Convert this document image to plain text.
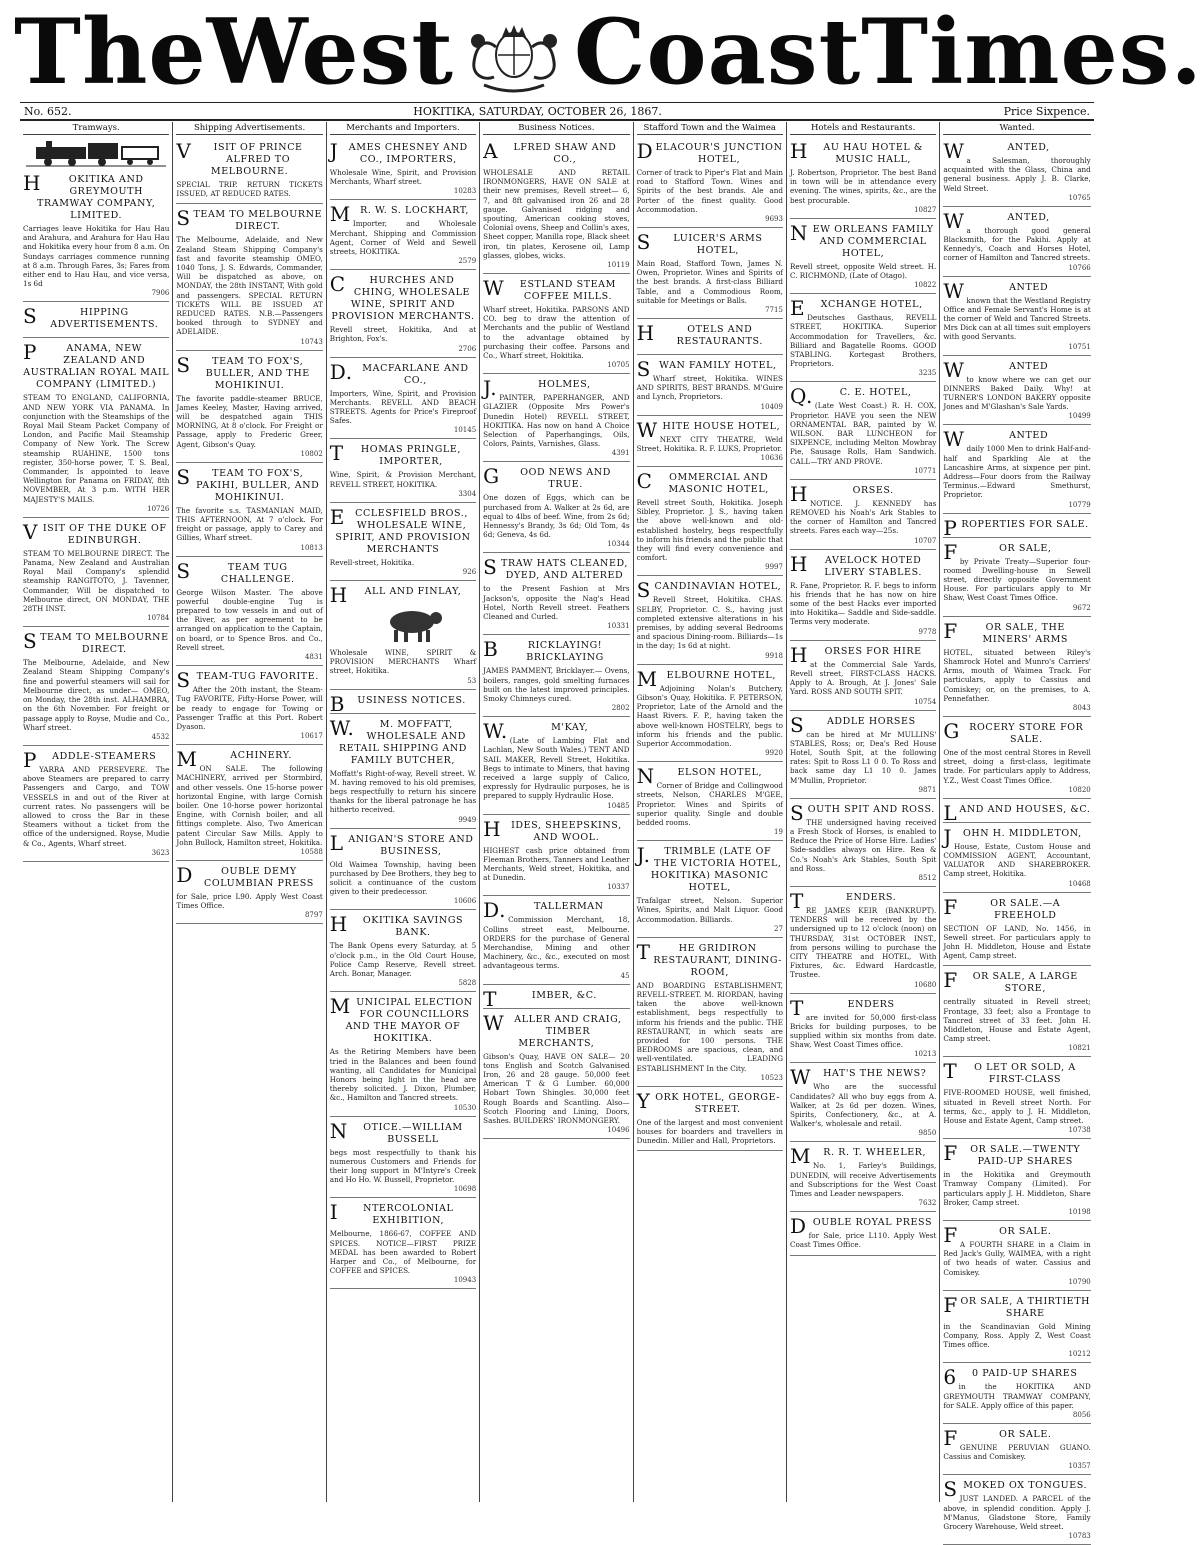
The West Coast Times.
No. 652.	HOKITIKA, SATURDAY, OCTOBER 26, 1867.	Price Sixpence.
Tramways.
HOKITIKA AND GREYMOUTH TRAMWAY COMPANY, LIMITED.
Carriages leave Hokitika for Hau Hau and Arahura, and Arahura for Hau Hau and Hokitika every hour from 8 a.m. On Sundays carriages commence running at 8 a.m. Through Fares, 3s; Fares from either end to Hau Hau, and vice versa, 1s 6d
7906
SHIPPING ADVERTISEMENTS.
PANAMA, NEW ZEALAND AND AUSTRALIAN ROYAL MAIL COMPANY (LIMITED.)
STEAM TO ENGLAND, CALIFORNIA, AND NEW YORK VIA PANAMA. In conjunction with the Steamships of the Royal Mail Steam Packet Company of London, and Pacific Mail Steamship Company of New York. The Screw steamship RUAHINE, 1500 tons register, 350-horse power, T. S. Beal, Commander, Is appointed to leave Wellington for Panama on FRIDAY, 8th NOVEMBER, At 3 p.m. WITH HER MAJESTY'S MAILS.
10726
VISIT OF THE DUKE OF EDINBURGH.
STEAM TO MELBOURNE DIRECT. The Panama, New Zealand and Australian Royal Mail Company's splendid steamship RANGITOTO, J. Tavenner, Commander, Will be dispatched to Melbourne direct, ON MONDAY, THE 28TH INST.
10784
STEAM TO MELBOURNE DIRECT.
The Melbourne, Adelaide, and New Zealand Steam Shipping Company's fine and powerful steamers will sail for Melbourne direct, as under— OMEO, on Monday, the 28th inst. ALHAMBRA, on the 6th November. For freight or passage apply to Royse, Mudie and Co., Wharf street.
4532
PADDLE-STEAMERS
YARRA AND PERSEVERE. The above Steamers are prepared to carry Passengers and Cargo, and TOW VESSELS in and out of the River at current rates. No passengers will be allowed to cross the Bar in these Steamers without a ticket from the office of the undersigned. Royse, Mudie & Co., Agents, Wharf street.
3623
Shipping Advertisements.
VISIT OF PRINCE ALFRED TO MELBOURNE.
SPECIAL TRIP. RETURN TICKETS ISSUED, AT REDUCED RATES.
STEAM TO MELBOURNE DIRECT.
The Melbourne, Adelaide, and New Zealand Steam Shipping Company's fast and favorite steamship OMEO, 1040 Tons, J. S. Edwards, Commander, Will be dispatched as above, on MONDAY, the 28th INSTANT, With gold and passengers. SPECIAL RETURN TICKETS WILL BE ISSUED AT REDUCED RATES. N.B.—Passengers booked through to SYDNEY and ADELAIDE.
10743
STEAM TO FOX'S, BULLER, AND THE MOHIKINUI.
The favorite paddle-steamer BRUCE, James Keeley, Master, Having arrived, will be despatched again THIS MORNING, At 8 o'clock. For Freight or Passage, apply to Frederic Greer, Agent, Gibson's Quay.
10802
STEAM TO FOX'S, PAKIHI, BULLER, AND MOHIKINUI.
The favorite s.s. TASMANIAN MAID, THIS AFTERNOON, At 7 o'clock. For freight or passage, apply to Carey and Gillies, Wharf street.
10813
STEAM TUG CHALLENGE.
George Wilson Master. The above powerful double-engine Tug is prepared to tow vessels in and out of the River, as per agreement to be arranged on application to the Captain, on board, or to Spence Bros. and Co., Revell street.
4831
STEAM-TUG FAVORITE.
After the 20th instant, the Steam-Tug FAVORITE, Fifty-Horse Power, will be ready to engage for Towing or Passenger Traffic at this Port. Robert Dyason.
10617
MACHINERY.
ON SALE. The following MACHINERY, arrived per Stormbird, and other vessels. One 15-horse power horizontal Engine, with large Cornish boiler. One 10-horse power horizontal Engine, with Cornish boiler, and all fittings complete. Also, Two American patent Circular Saw Mills. Apply to John Bullock, Hamilton street, Hokitika.
10588
DOUBLE DEMY COLUMBIAN PRESS
for Sale, price L90. Apply West Coast Times Office.
8797
Merchants and Importers.
JAMES CHESNEY AND CO., IMPORTERS,
Wholesale Wine, Spirit, and Provision Merchants, Wharf street.
10283
MR. W. S. LOCKHART,
Importer, and Wholesale Merchant, Shipping and Commission Agent, Corner of Weld and Sewell streets, HOKITIKA.
2579
CHURCHES AND CHING, WHOLESALE WINE, SPIRIT AND PROVISION MERCHANTS.
Revell street, Hokitika, And at Brighton, Fox's.
2706
D.MACFARLANE AND CO.,
Importers, Wine, Spirit, and Provision Merchants. REVELL AND BEACH STREETS. Agents for Price's Fireproof Safes.
10145
THOMAS PRINGLE, IMPORTER,
Wine, Spirit, & Provision Merchant, REVELL STREET, HOKITIKA.
3304
ECCLESFIELD BROS., WHOLESALE WINE, SPIRIT, AND PROVISION MERCHANTS
Revell-street, Hokitika.
926
HALL AND FINLAY,
Wholesale WINE, SPIRIT & PROVISION MERCHANTS Wharf street, Hokitika.
53
BUSINESS NOTICES.
W.M. MOFFATT, WHOLESALE AND RETAIL SHIPPING AND FAMILY BUTCHER,
Moffatt's Right-of-way, Revell street. W. M. having removed to his old premises, begs respectfully to return his sincere thanks for the liberal patronage he has hitherto received.
9949
LANIGAN'S STORE AND BUSINESS,
Old Waimea Township, having been purchased by Dee Brothers, they beg to solicit a continuance of the custom given to their predecessor.
10606
HOKITIKA SAVINGS BANK.
The Bank Opens every Saturday, at 5 o'clock p.m., in the Old Court House, Police Camp Reserve, Revell street. Arch. Bonar, Manager.
5828
MUNICIPAL ELECTION FOR COUNCILLORS AND THE MAYOR OF HOKITIKA.
As the Retiring Members have been tried in the Balances and been found wanting, all Candidates for Municipal Honors being light in the head are thereby solicited. J. Dixon, Plumber, &c., Hamilton and Tancred streets.
10530
NOTICE.—WILLIAM BUSSELL
begs most respectfully to thank his numerous Customers and Friends for their long support in M'Intyre's Creek and Ho Ho. W. Bussell, Proprietor.
10698
INTERCOLONIAL EXHIBITION,
Melbourne, 1866-67, COFFEE AND SPICES. NOTICE—FIRST PRIZE MEDAL has been awarded to Robert Harper and Co., of Melbourne, for COFFEE and SPICES.
10943
Business Notices.
ALFRED SHAW AND CO.,
WHOLESALE AND RETAIL IRONMONGERS, HAVE ON SALE at their new premises, Revell street— 6, 7, and 8ft galvanised iron 26 and 28 gauge. Galvanised ridging and spouting, American cooking stoves, Colonial ovens, Sheep and Collin's axes, Sheet copper, Manilla rope, Black sheet iron, tin plates, Kerosene oil, Lamp glasses, globes, wicks.
10119
WESTLAND STEAM COFFEE MILLS.
Wharf street, Hokitika. PARSONS AND CO. beg to draw the attention of Merchants and the public of Westland to the advantage obtained by purchasing their coffee. Parsons and Co., Wharf street, Hokitika.
10705
J.HOLMES,
PAINTER, PAPERHANGER, AND GLAZIER (Opposite Mrs Power's Dunedin Hotel) REVELL STREET, HOKITIKA. Has now on hand A Choice Selection of Paperhangings, Oils, Colors, Paints, Varnishes, Glass.
4391
GOOD NEWS AND TRUE.
One dozen of Eggs, which can be purchased from A. Walker at 2s 6d, are equal to 4lbs of beef. Wine, from 2s 6d; Hennessy's Brandy, 3s 6d; Old Tom, 4s 6d; Geneva, 4s 6d.
10344
STRAW HATS CLEANED, DYED, AND ALTERED
to the Present Fashion at Mrs Jackson's, opposite the Nag's Head Hotel, North Revell street. Feathers Cleaned and Curled.
10331
BRICKLAYING! BRICKLAYING
JAMES PAMMENT, Bricklayer.— Ovens, boilers, ranges, gold smelting furnaces built on the latest improved principles. Smoky Chimneys cured.
2802
W.M'KAY,
(Late of Lambing Flat and Lachlan, New South Wales.) TENT AND SAIL MAKER, Revell Street, Hokitika. Begs to intimate to Miners, that having received a large supply of Calico, expressly for Hydraulic purposes, he is prepared to supply Hydraulic Hose.
10485
HIDES, SHEEPSKINS, AND WOOL.
HIGHEST cash price obtained from Fleeman Brothers, Tanners and Leather Merchants, Weld street, Hokitika, and at Dunedin.
10337
D.TALLERMAN
Commission Merchant, 18, Collins street east, Melbourne. ORDERS for the purchase of General Merchandise, Mining and other Machinery, &c., &c., executed on most advantageous terms.
45
TIMBER, &C.
WALLER AND CRAIG, TIMBER MERCHANTS,
Gibson's Quay, HAVE ON SALE— 20 tons English and Scotch Galvanised Iron, 26 and 28 gauge. 50,000 feet American T & G Lumber. 60,000 Hobart Town Shingles. 30,000 feet Rough Boards and Scantling. Also— Scotch Flooring and Lining, Doors, Sashes. BUILDERS' IRONMONGERY.
10496
Stafford Town and the Waimea
DELACOUR'S JUNCTION HOTEL,
Corner of track to Piper's Flat and Main road to Stafford Town. Wines and Spirits of the best brands. Ale and Porter of the finest quality. Good Accommodation.
9693
SLUICER'S ARMS HOTEL,
Main Road, Stafford Town, James N. Owen, Proprietor. Wines and Spirits of the best brands. A first-class Billiard Table, and a Commodious Room, suitable for Meetings or Balls.
7715
HOTELS AND RESTAURANTS.
SWAN FAMILY HOTEL,
Wharf street, Hokitika. WINES AND SPIRITS, BEST BRANDS. M'Guire and Lynch, Proprietors.
10409
WHITE HOUSE HOTEL,
NEXT CITY THEATRE, Weld Street, Hokitika. R. F. LUKS, Proprietor.
10636
COMMERCIAL AND MASONIC HOTEL,
Revell street South, Hokitika. Joseph Sibley, Proprietor. J. S., having taken the above well-known and old-established hostelry, begs respectfully to inform his friends and the public that they will find every convenience and comfort.
9997
SCANDINAVIAN HOTEL,
Revell Street, Hokitika. CHAS. SELBY, Proprietor. C. S., having just completed extensive alterations in his premises, by adding several Bedrooms and spacious Dining-room. Billiards—1s in the day; 1s 6d at night.
9918
MELBOURNE HOTEL,
Adjoining Nolan's Butchery, Gibson's Quay, Hokitika. F. PETERSON, Proprietor, Late of the Arnold and the Haast Rivers. F. P., having taken the above well-known HOSTELRY, begs to inform his friends and the public. Superior Accommodation.
9920
NELSON HOTEL,
Corner of Bridge and Collingwood streets, Nelson, CHARLES M'GEE, Proprietor. Wines and Spirits of superior quality. Single and double bedded rooms.
19
J.TRIMBLE (LATE OF THE VICTORIA HOTEL, HOKITIKA) MASONIC HOTEL,
Trafalgar street, Nelson. Superior Wines, Spirits, and Malt Liquor. Good Accommodation. Billiards.
27
THE GRIDIRON RESTAURANT, DINING-ROOM,
AND BOARDING ESTABLISHMENT, REVELL-STREET. M. RIORDAN, having taken the above well-known establishment, begs respectfully to inform his friends and the public. THE RESTAURANT, in which seats are provided for 100 persons. THE BEDROOMS are spacious, clean, and well-ventilated. LEADING ESTABLISHMENT In the City.
10523
YORK HOTEL, GEORGE-STREET.
One of the largest and most convenient houses for boarders and travellers in Dunedin. Miller and Hall, Proprietors.
Hotels and Restaurants.
HAU HAU HOTEL & MUSIC HALL,
J. Robertson, Proprietor. The best Band in town will be in attendance every evening. The wines, spirits, &c., are the best procurable.
10827
NEW ORLEANS FAMILY AND COMMERCIAL HOTEL,
Revell street, opposite Weld street. H. C. RICHMOND, (Late of Otago).
10822
EXCHANGE HOTEL,
Deutsches Gasthaus, REVELL STREET, HOKITIKA. Superior Accommodation for Travellers, &c. Billiard and Bagatelle Rooms. GOOD STABLING. Kortegast Brothers, Proprietors.
3235
Q.C. E. HOTEL,
(Late West Coast.) R. H. COX, Proprietor. HAVE you seen the NEW ORNAMENTAL BAR, painted by W. WILSON. BAR LUNCHEON for SIXPENCE, including Melton Mowbray Pie, Sausage Rolls, Ham Sandwich. CALL—TRY AND PROVE.
10771
HORSES.
NOTICE. J. KENNEDY has REMOVED his Noah's Ark Stables to the corner of Hamilton and Tancred streets. Fares each way—25s.
10707
HAVELOCK HOTED LIVERY STABLES.
R. Fane, Proprietor. R. F. begs to inform his friends that he has now on hire some of the best Hacks ever imported into Hokitika— Saddle and Side-saddle. Terms very moderate.
9778
HORSES FOR HIRE
at the Commercial Sale Yards, Revell street, FIRST-CLASS HACKS. Apply to A. Brough, At J. Jones' Sale Yard. ROSS AND SOUTH SPIT.
10754
SADDLE HORSES
can be hired at Mr MULLINS' STABLES, Ross; or, Dea's Red House Hotel, South Spit, at the following rates: Spit to Ross L1 0 0. To Ross and back same day L1 10 0. James M'Mullin, Proprietor.
9871
SOUTH SPIT AND ROSS.
THE undersigned having received a Fresh Stock of Horses, is enabled to Reduce the Price of Horse Hire. Ladies' Side-saddles always on Hire. Rea & Co.'s Noah's Ark Stables, South Spit and Ross.
8512
TENDERS.
RE JAMES KEIR (BANKRUPT). TENDERS will be received by the undersigned up to 12 o'clock (noon) on THURSDAY, 31st OCTOBER INST., from persons willing to purchase the CITY THEATRE and HOTEL, With Fixtures, &c. Edward Hardcastle, Trustee.
10680
TENDERS
are invited for 50,000 first-class Bricks for building purposes, to be supplied within six months from date. Shaw, West Coast Times office.
10213
WHAT'S THE NEWS?
Who are the successful Candidates? All who buy eggs from A. Walker, at 2s 6d per dozen. Wines, Spirits, Confectionery, &c., at A. Walker's, wholesale and retail.
9850
MR. R. T. WHEELER,
No. 1, Farley's Buildings, DUNEDIN, will receive Advertisements and Subscriptions for the West Coast Times and Leader newspapers.
7632
DOUBLE ROYAL PRESS
for Sale, price L110. Apply West Coast Times Office.
Wanted.
WANTED,
a Salesman, thoroughly acquainted with the Glass, China and general business. Apply J. B. Clarke, Weld Street.
10765
WANTED,
a thorough good general Blacksmith, for the Pakihi. Apply at Kennedy's, Coach and Horses Hotel, corner of Hamilton and Tancred streets.
10766
WANTED
known that the Westland Registry Office and Female Servant's Home is at the corner of Weld and Tancred Streets. Mrs Dick can at all times suit employers with good Servants.
10751
WANTED
to know where we can get our DINNERS Baked Daily. Why! at TURNER'S LONDON BAKERY opposite Jones and M'Glashan's Sale Yards.
10499
WANTED
daily 1000 Men to drink Half-and-half and Sparkling Ale at the Lancashire Arms, at sixpence per pint. Address—Four doors from the Railway Terminus.—Edward Smethurst, Proprietor.
10779
PROPERTIES FOR SALE.
FOR SALE,
by Private Treaty—Superior four-roomed Dwelling-house in Sewell street, directly opposite Government House. For particulars apply to Mr Shaw, West Coast Times Office.
9672
FOR SALE, THE MINERS' ARMS
HOTEL, situated between Riley's Shamrock Hotel and Munro's Carriers' Arms, mouth of Waimea Track. For particulars, apply to Cassius and Comiskey; or, on the premises, to A. Pennefather.
8043
GROCERY STORE FOR SALE.
One of the most central Stores in Revell street, doing a first-class, legitimate trade. For particulars apply to Address, Y.Z., West Coast Times Office.
10820
LAND AND HOUSES, &C.
JOHN H. MIDDLETON,
House, Estate, Custom House and COMMISSION AGENT, Accountant, VALUATOR AND SHAREBROKER. Camp street, Hokitika.
10468
FOR SALE.—A FREEHOLD
SECTION OF LAND, No. 1456, in Sewell street. For particulars apply to John H. Middleton, House and Estate Agent, Camp street.
FOR SALE, A LARGE STORE,
centrally situated in Revell street; Frontage, 33 feet; also a Frontage to Tancred street of 33 feet. John H. Middleton, House and Estate Agent, Camp street.
10821
TO LET OR SOLD, A FIRST-CLASS
FIVE-ROOMED HOUSE, well finished, situated in Revell street North. For terms, &c., apply to J. H. Middleton, House and Estate Agent, Camp street.
10738
FOR SALE.—TWENTY PAID-UP SHARES
in the Hokitika and Greymouth Tramway Company (Limited). For particulars apply J. H. Middleton, Share Broker, Camp street.
10198
FOR SALE.
A FOURTH SHARE in a Claim in Red Jack's Gully, WAIMEA, with a right of two heads of water. Cassius and Comiskey.
10790
FOR SALE, A THIRTIETH SHARE
in the Scandinavian Gold Mining Company, Ross. Apply Z, West Coast Times office.
10212
60 PAID-UP SHARES
in the HOKITIKA AND GREYMOUTH TRAMWAY COMPANY, for SALE. Apply office of this paper.
8056
FOR SALE.
GENUINE PERUVIAN GUANO. Cassius and Comiskey.
10357
SMOKED OX TONGUES.
JUST LANDED. A PARCEL of the above, in splendid condition. Apply J. M'Manus, Gladstone Store, Family Grocery Warehouse, Weld street.
10783
